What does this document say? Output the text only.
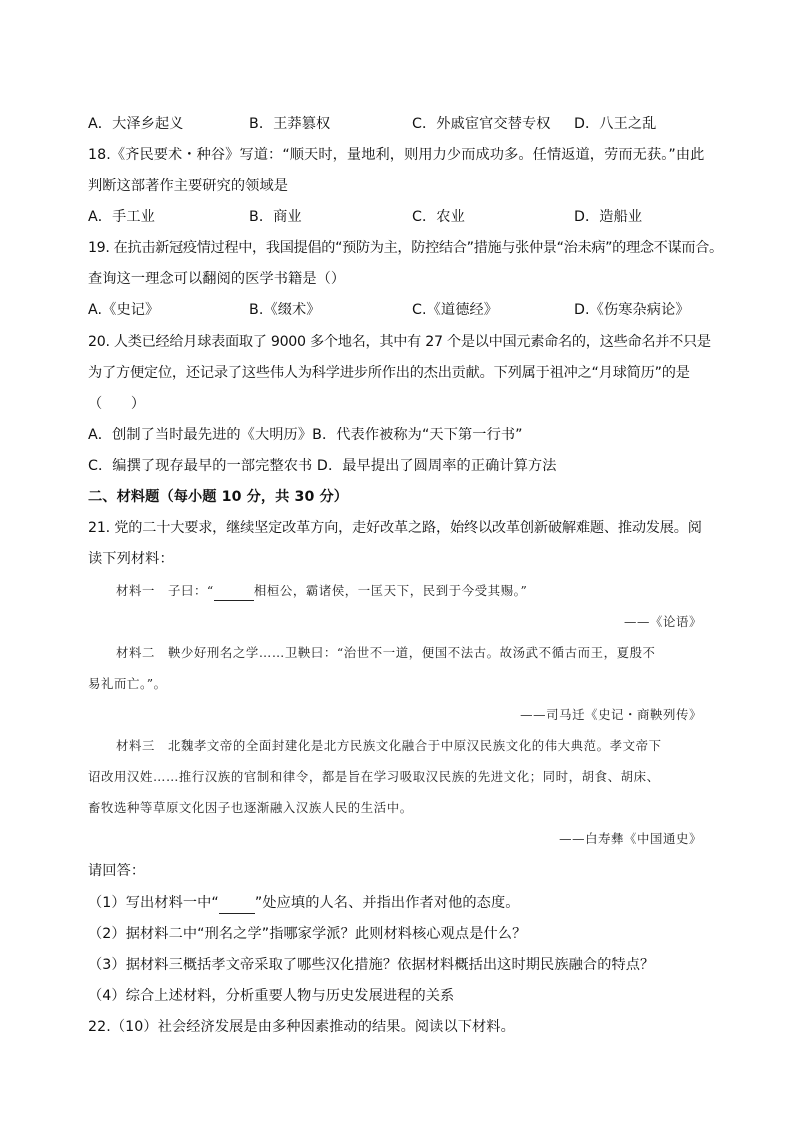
A．大泽乡起义	B．王莽篡权	C．外戚宦官交替专权	D．八王之乱
18.《齐民要术・种谷》写道：“顺天时，量地利，则用力少而成功多。任情返道，劳而无获。”由此
判断这部著作主要研究的领域是
A．手工业	B．商业	C．农业	D．造船业
19. 在抗击新冠疫情过程中，我国提倡的“预防为主，防控结合”措施与张仲景“治未病”的理念不谋而合。
查询这一理念可以翻阅的医学书籍是（）
A.《史记》	B.《缀术》	C.《道德经》	D.《伤寒杂病论》
20. 人类已经给月球表面取了 9000 多个地名，其中有 27 个是以中国元素命名的，这些命名并不只是
为了方便定位，还记录了这些伟人为科学进步所作出的杰出贡献。下列属于祖冲之“月球简历”的是
（　　）
A．创制了当时最先进的《大明历》B．代表作被称为“天下第一行书”
C．编撰了现存最早的一部完整农书 D．最早提出了圆周率的正确计算方法
二、材料题（每小题 10 分，共 30 分）
21. 党的二十大要求，继续坚定改革方向，走好改革之路，始终以改革创新破解难题、推动发展。阅
读下列材料：
材料一　子曰：“	相桓公，霸诸侯，一匡天下，民到于今受其赐。”
——《论语》
材料二　鞅少好刑名之学……卫鞅曰：“治世不一道，便国不法古。故汤武不循古而王，夏殷不
易礼而亡。”。
——司马迁《史记・商鞅列传》
材料三　北魏孝文帝的全面封建化是北方民族文化融合于中原汉民族文化的伟大典范。孝文帝下
诏改用汉姓……推行汉族的官制和律令，都是旨在学习吸取汉民族的先进文化；同时，胡食、胡床、
畜牧选种等草原文化因子也逐渐融入汉族人民的生活中。
——白寿彝《中国通史》
请回答：
（1）写出材料一中“	”处应填的人名、并指出作者对他的态度。
（2）据材料二中“刑名之学”指哪家学派？此则材料核心观点是什么？
（3）据材料三概括孝文帝采取了哪些汉化措施？依据材料概括出这时期民族融合的特点？
（4）综合上述材料，分析重要人物与历史发展进程的关系
22.（10）社会经济发展是由多种因素推动的结果。阅读以下材料。
